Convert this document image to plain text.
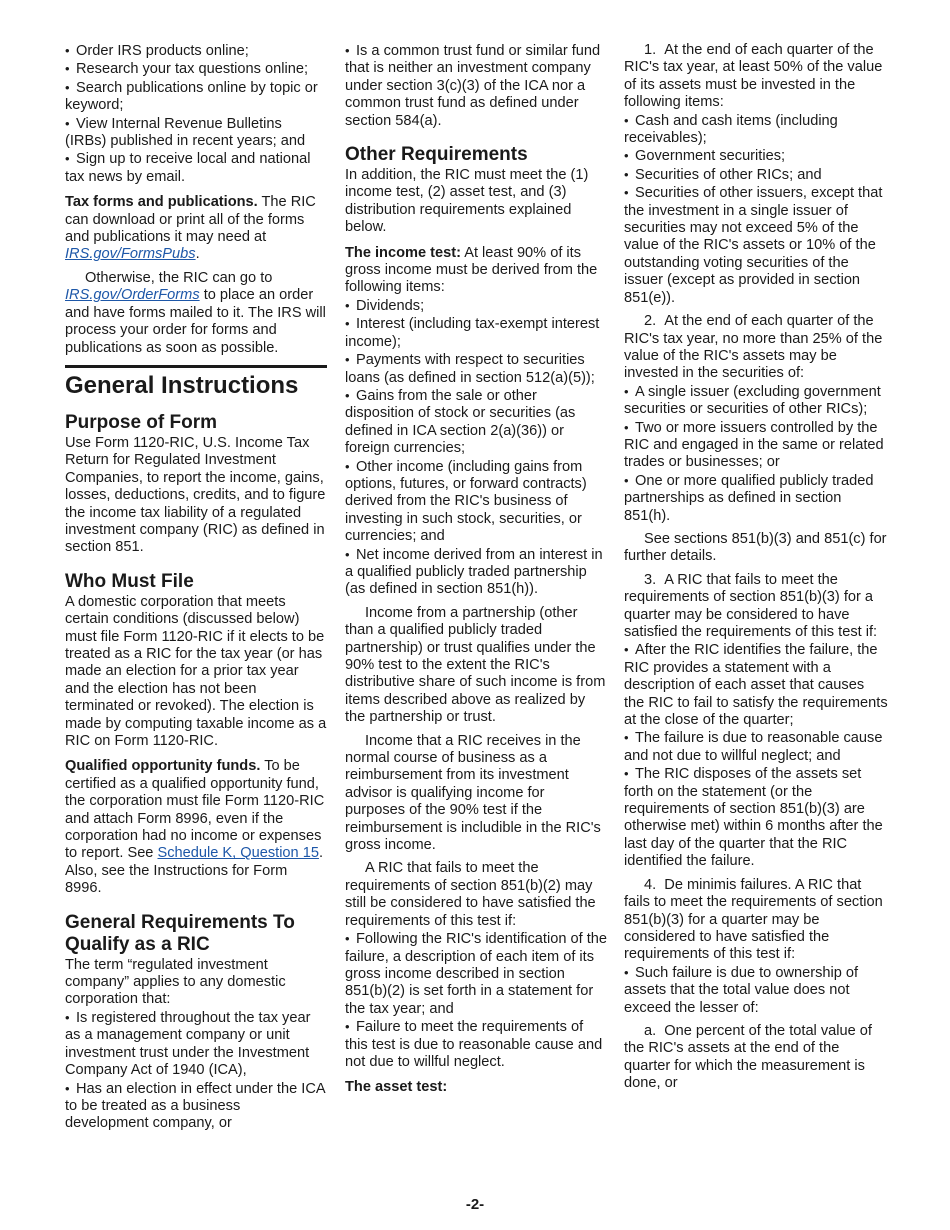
• Order IRS products online;

• Research your tax questions online;

• Search publications online by topic or keyword;

• View Internal Revenue Bulletins (IRBs) published in recent years; and

• Sign up to receive local and national tax news by email.

Tax forms and publications. The RIC can download or print all of the forms and publications it may need at IRS.gov/FormsPubs.

Otherwise, the RIC can go to IRS.gov/OrderForms to place an order and have forms mailed to it. The IRS will process your order for forms and publications as soon as possible.

General Instructions
Purpose of Form

Use Form 1120-RIC, U.S. Income Tax Return for Regulated Investment Companies, to report the income, gains, losses, deductions, credits, and to figure the income tax liability of a regulated investment company (RIC) as defined in section 851.

Who Must File

A domestic corporation that meets certain conditions (discussed below) must file Form 1120-RIC if it elects to be treated as a RIC for the tax year (or has made an election for a prior tax year and the election has not been terminated or revoked). The election is made by computing taxable income as a RIC on Form 1120-RIC.

Qualified opportunity funds. To be certified as a qualified opportunity fund, the corporation must file Form 1120-RIC and attach Form 8996, even if the corporation had no income or expenses to report. See Schedule K, Question 15. Also, see the Instructions for Form 8996.

General Requirements To Qualify as a RIC

The term “regulated investment company” applies to any domestic corporation that:

• Is registered throughout the tax year as a management company or unit investment trust under the Investment Company Act of 1940 (ICA),

• Has an election in effect under the ICA to be treated as a business development company, or

• Is a common trust fund or similar fund that is neither an investment company under section 3(c)(3) of the ICA nor a common trust fund as defined under section 584(a).

Other Requirements

In addition, the RIC must meet the (1) income test, (2) asset test, and (3) distribution requirements explained below.

The income test: At least 90% of its gross income must be derived from the following items:

• Dividends;

• Interest (including tax-exempt interest income);

• Payments with respect to securities loans (as defined in section 512(a)(5));

• Gains from the sale or other disposition of stock or securities (as defined in ICA section 2(a)(36)) or foreign currencies;

• Other income (including gains from options, futures, or forward contracts) derived from the RIC's business of investing in such stock, securities, or currencies; and

• Net income derived from an interest in a qualified publicly traded partnership (as defined in section 851(h)).

Income from a partnership (other than a qualified publicly traded partnership) or trust qualifies under the 90% test to the extent the RIC's distributive share of such income is from items described above as realized by the partnership or trust.

Income that a RIC receives in the normal course of business as a reimbursement from its investment advisor is qualifying income for purposes of the 90% test if the reimbursement is includible in the RIC's gross income.

A RIC that fails to meet the requirements of section 851(b)(2) may still be considered to have satisfied the requirements of this test if:

• Following the RIC's identification of the failure, a description of each item of its gross income described in section 851(b)(2) is set forth in a statement for the tax year; and

• Failure to meet the requirements of this test is due to reasonable cause and not due to willful neglect.

The asset test:

1.  At the end of each quarter of the RIC's tax year, at least 50% of the value of its assets must be invested in the following items:

• Cash and cash items (including receivables);

• Government securities;

• Securities of other RICs; and

• Securities of other issuers, except that the investment in a single issuer of securities may not exceed 5% of the value of the RIC's assets or 10% of the outstanding voting securities of the issuer (except as provided in section 851(e)).

2.  At the end of each quarter of the RIC's tax year, no more than 25% of the value of the RIC's assets may be invested in the securities of:

• A single issuer (excluding government securities or securities of other RICs);

• Two or more issuers controlled by the RIC and engaged in the same or related trades or businesses; or

• One or more qualified publicly traded partnerships as defined in section 851(h).

See sections 851(b)(3) and 851(c) for further details.

3.  A RIC that fails to meet the requirements of section 851(b)(3) for a quarter may be considered to have satisfied the requirements of this test if:

• After the RIC identifies the failure, the RIC provides a statement with a description of each asset that causes the RIC to fail to satisfy the requirements at the close of the quarter;

• The failure is due to reasonable cause and not due to willful neglect; and

• The RIC disposes of the assets set forth on the statement (or the requirements of section 851(b)(3) are otherwise met) within 6 months after the last day of the quarter that the RIC identified the failure.

4.  De minimis failures. A RIC that fails to meet the requirements of section 851(b)(3) for a quarter may be considered to have satisfied the requirements of this test if:

• Such failure is due to ownership of assets that the total value does not exceed the lesser of:

a.  One percent of the total value of the RIC's assets at the end of the quarter for which the measurement is done, or

-2-
